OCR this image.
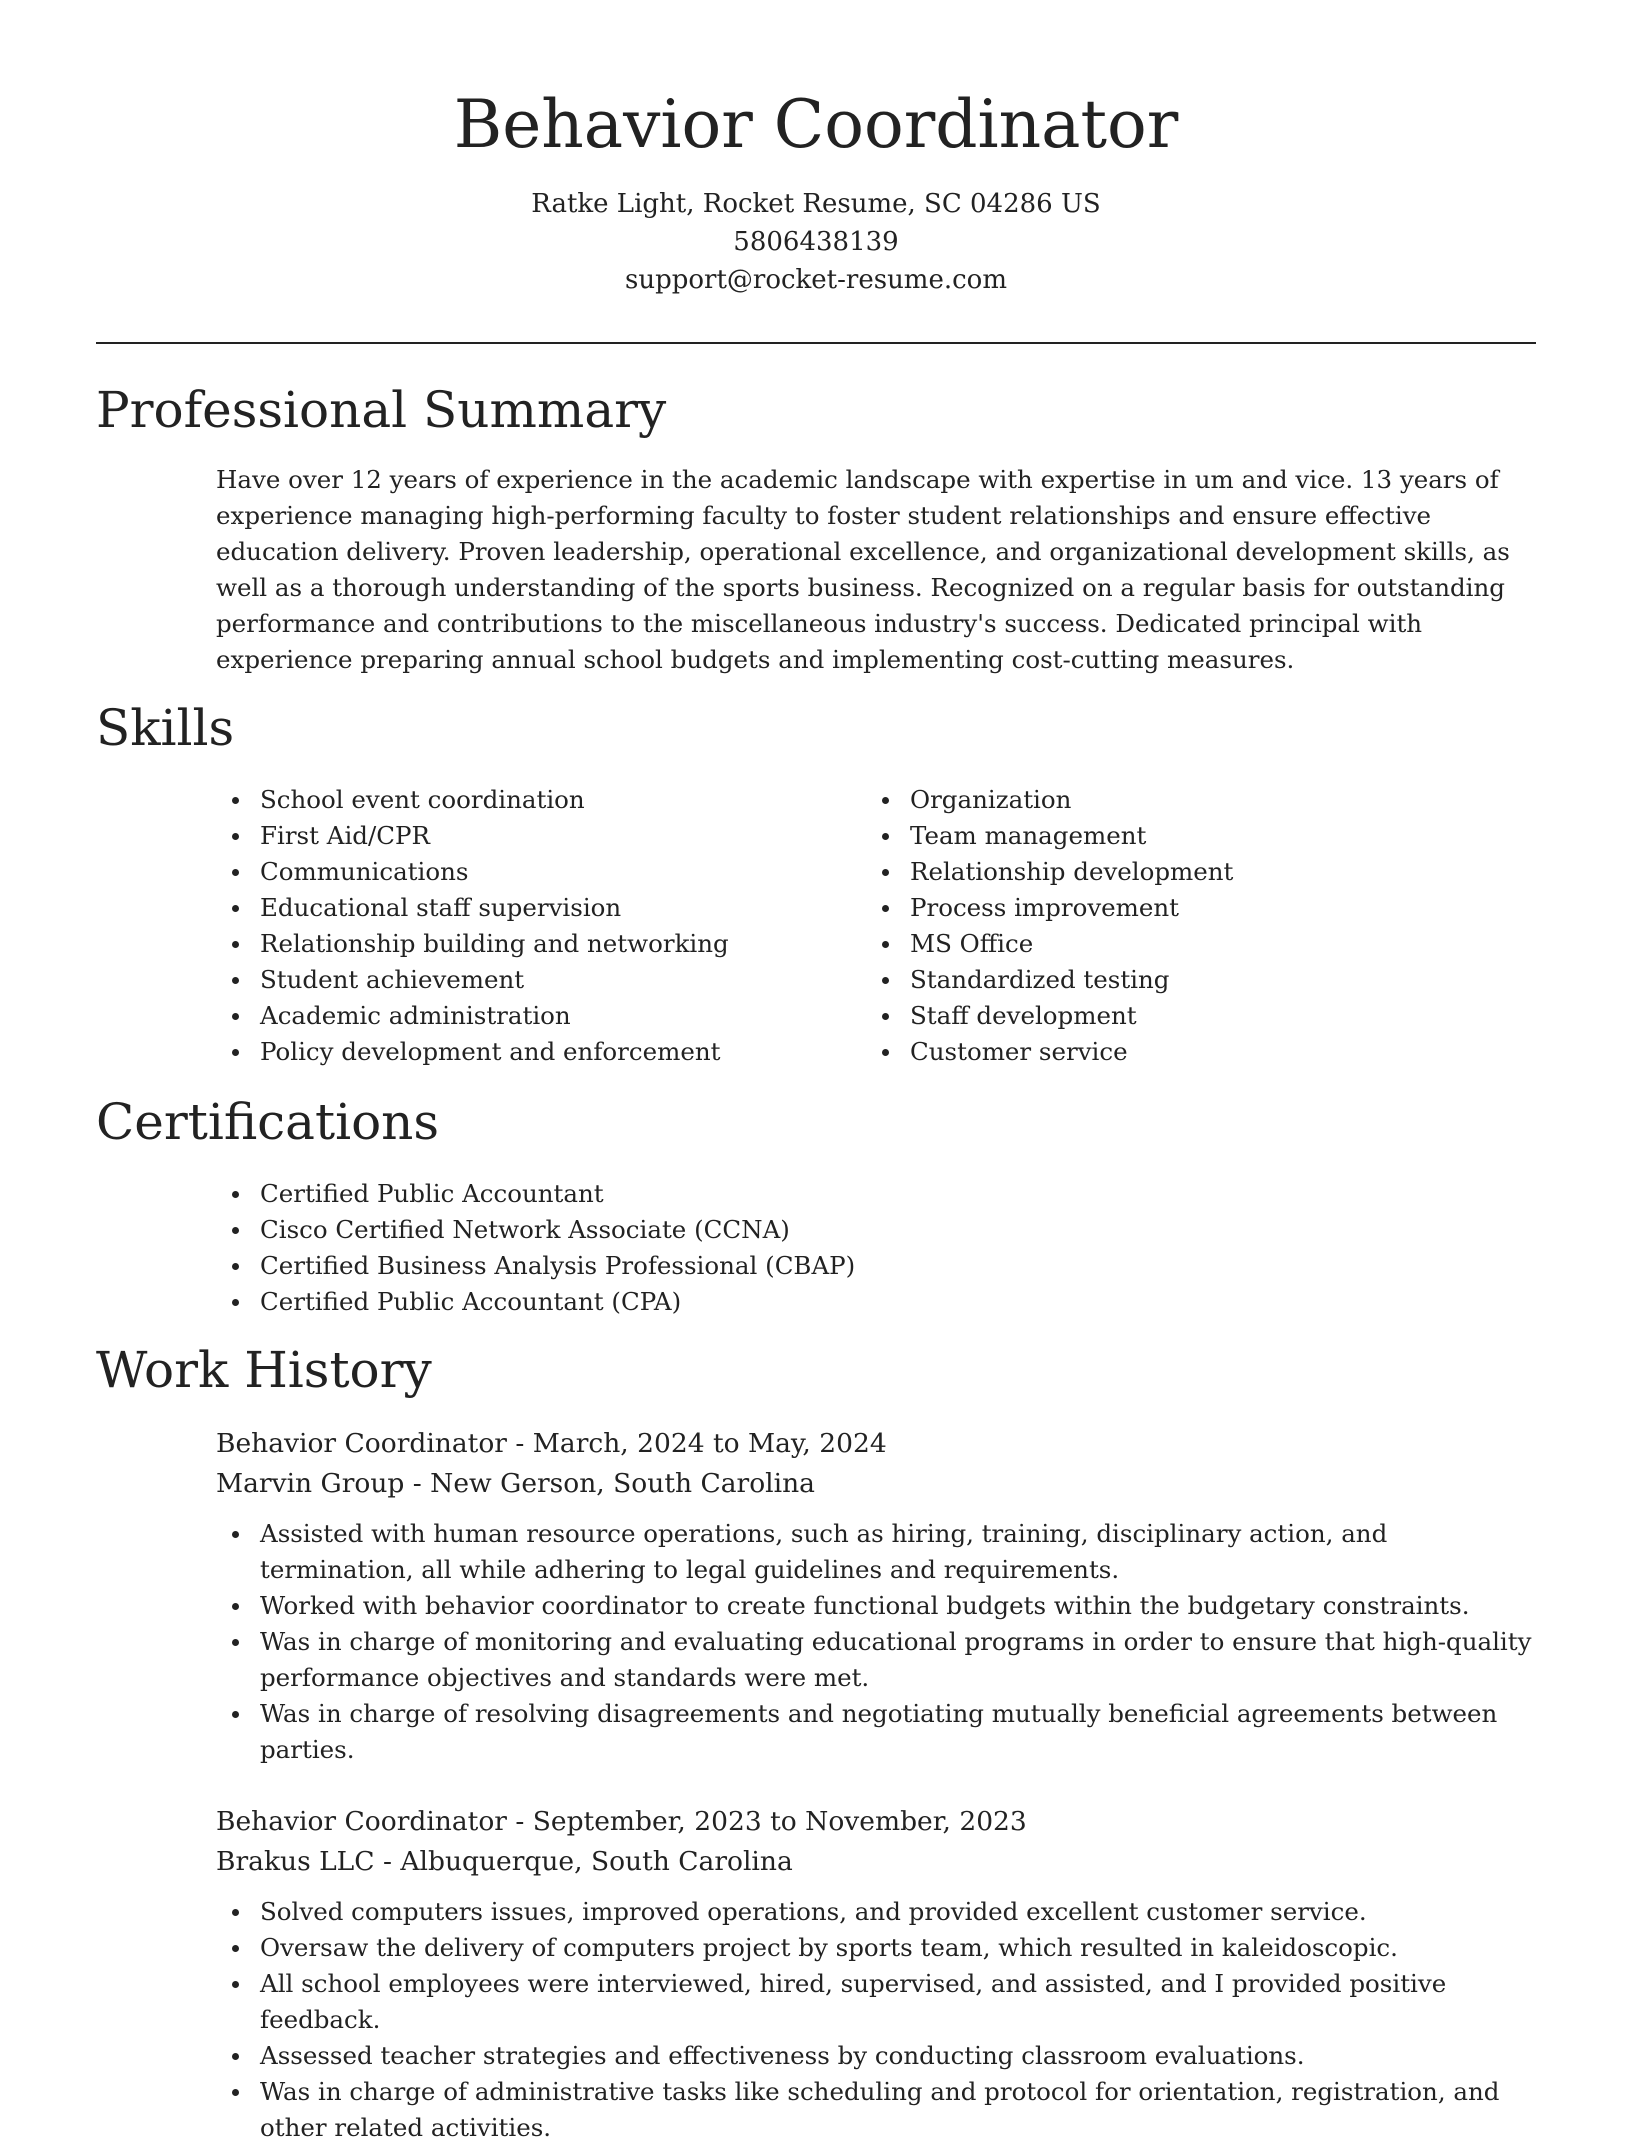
Behavior Coordinator

Ratke Light, Rocket Resume, SC 04286 US

5806438139

support@rocket-resume.com

Professional Summary

Have over 12 years of experience in the academic landscape with expertise in um and vice. 13 years of experience managing high-performing faculty to foster student relationships and ensure effective education delivery. Proven leadership, operational excellence, and organizational development skills, as well as a thorough understanding of the sports business. Recognized on a regular basis for outstanding performance and contributions to the miscellaneous industry's success. Dedicated principal with experience preparing annual school budgets and implementing cost-cutting measures.

Skills
School event coordination
First Aid/CPR
Communications
Educational staff supervision
Relationship building and networking
Student achievement
Academic administration
Policy development and enforcement
Organization
Team management
Relationship development
Process improvement
MS Office
Standardized testing
Staff development
Customer service
Certifications
Certified Public Accountant
Cisco Certified Network Associate (CCNA)
Certified Business Analysis Professional (CBAP)
Certified Public Accountant (CPA)
Work History

Behavior Coordinator - March, 2024 to May, 2024

Marvin Group - New Gerson, South Carolina

Assisted with human resource operations, such as hiring, training, disciplinary action, and termination, all while adhering to legal guidelines and requirements.
Worked with behavior coordinator to create functional budgets within the budgetary constraints.
Was in charge of monitoring and evaluating educational programs in order to ensure that high-quality performance objectives and standards were met.
Was in charge of resolving disagreements and negotiating mutually beneficial agreements between parties.

Behavior Coordinator - September, 2023 to November, 2023

Brakus LLC - Albuquerque, South Carolina

Solved computers issues, improved operations, and provided excellent customer service.
Oversaw the delivery of computers project by sports team, which resulted in kaleidoscopic.
All school employees were interviewed, hired, supervised, and assisted, and I provided positive feedback.
Assessed teacher strategies and effectiveness by conducting classroom evaluations.
Was in charge of administrative tasks like scheduling and protocol for orientation, registration, and other related activities.
